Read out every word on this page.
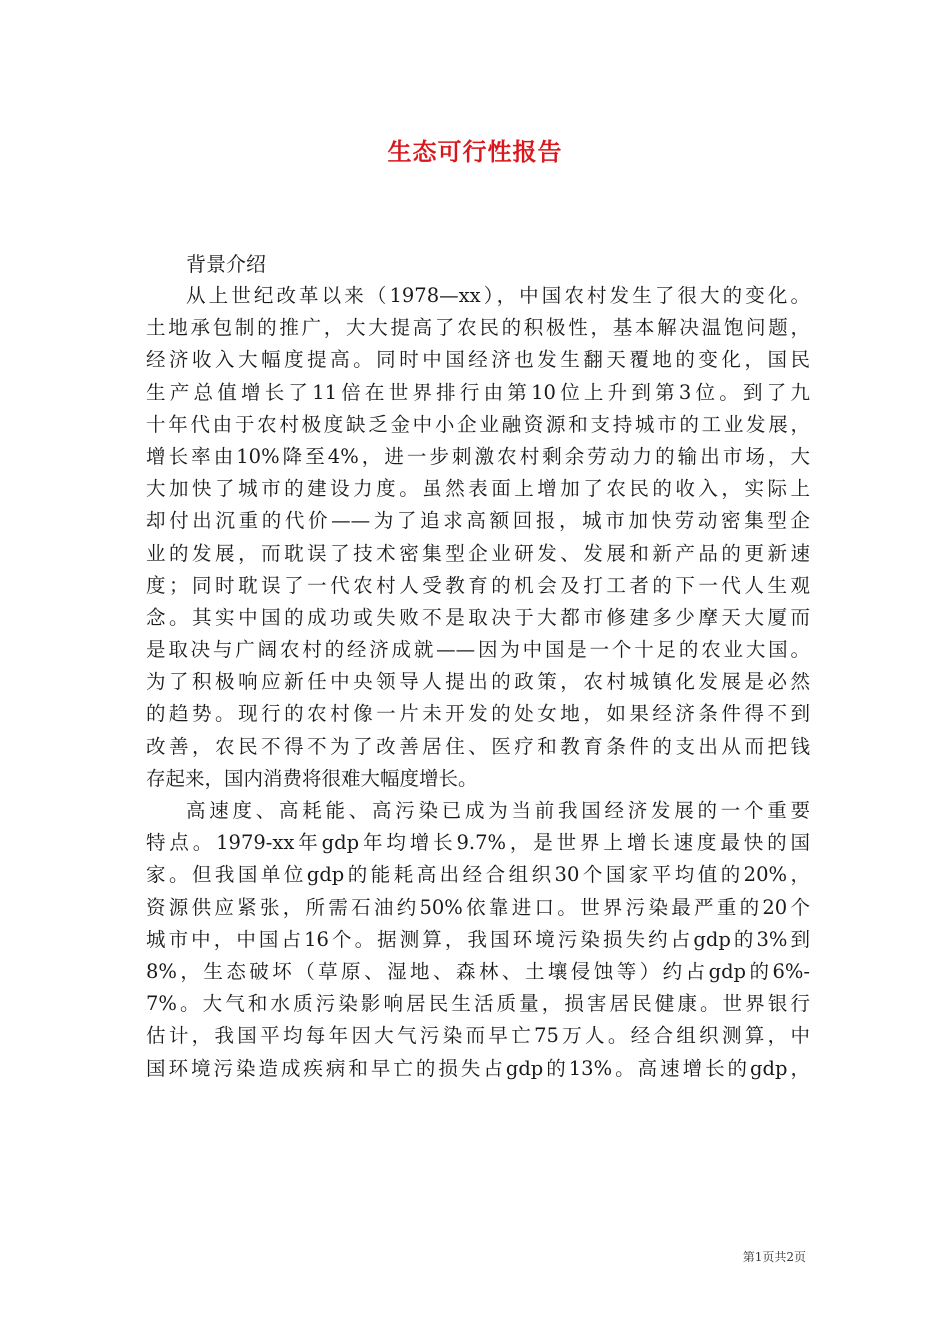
生态可行性报告
背景介绍
从上世纪改革以来（1978—xx），中国农村发生了很大的变化。
土地承包制的推广，大大提高了农民的积极性，基本解决温饱问题，
经济收入大幅度提高。同时中国经济也发生翻天覆地的变化，国民
生产总值增长了11倍在世界排行由第10位上升到第3位。到了九
十年代由于农村极度缺乏金中小企业融资源和支持城市的工业发展，
增长率由10%降至4%，进一步刺激农村剩余劳动力的输出市场，大
大加快了城市的建设力度。虽然表面上增加了农民的收入，实际上
却付出沉重的代价——为了追求高额回报，城市加快劳动密集型企
业的发展，而耽误了技术密集型企业研发、发展和新产品的更新速
度；同时耽误了一代农村人受教育的机会及打工者的下一代人生观
念。其实中国的成功或失败不是取决于大都市修建多少摩天大厦而
是取决与广阔农村的经济成就——因为中国是一个十足的农业大国。
为了积极响应新任中央领导人提出的政策，农村城镇化发展是必然
的趋势。现行的农村像一片未开发的处女地，如果经济条件得不到
改善，农民不得不为了改善居住、医疗和教育条件的支出从而把钱
存起来，国内消费将很难大幅度增长。
高速度、高耗能、高污染已成为当前我国经济发展的一个重要
特点。1979-xx年gdp年均增长9.7%，是世界上增长速度最快的国
家。但我国单位gdp的能耗高出经合组织30个国家平均值的20%，
资源供应紧张，所需石油约50%依靠进口。世界污染最严重的20个
城市中，中国占16个。据测算，我国环境污染损失约占gdp的3%到
8%，生态破坏（草原、湿地、森林、土壤侵蚀等）约占gdp的6%-
7%。大气和水质污染影响居民生活质量，损害居民健康。世界银行
估计，我国平均每年因大气污染而早亡75万人。经合组织测算，中
国环境污染造成疾病和早亡的损失占gdp的13%。高速增长的gdp，
第1页共2页
